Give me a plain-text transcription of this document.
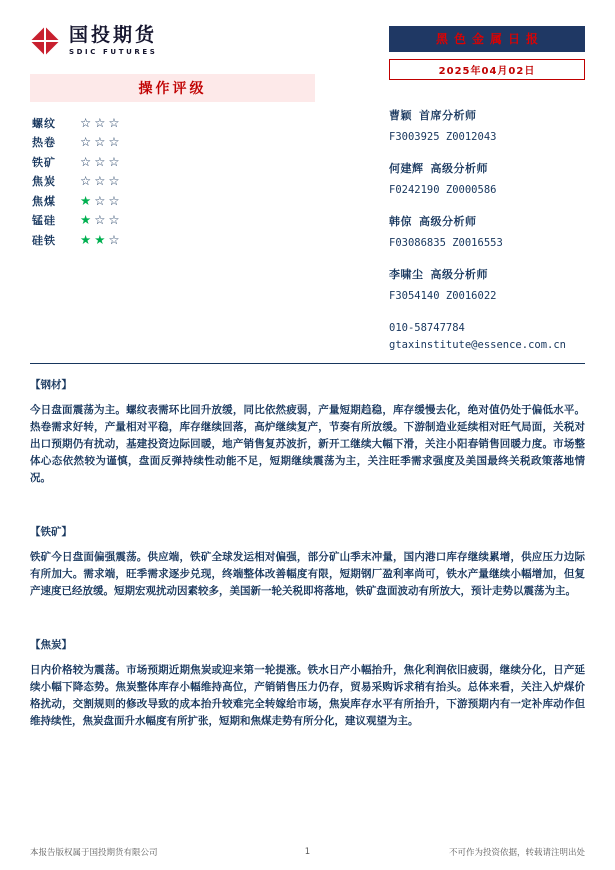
国投期货
SDIC FUTURES
操作评级
螺纹	☆☆☆
热卷	☆☆☆
铁矿	☆☆☆
焦炭	☆☆☆
焦煤	★☆☆
锰硅	★☆☆
硅铁	★★☆
黑色金属日报
2025年04月02日
曹颖 首席分析师
F3003925 Z0012043
何建辉 高级分析师
F0242190 Z0000586
韩倞 高级分析师
F03086835 Z0016553
李啸尘 高级分析师
F3054140 Z0016022
010-58747784
gtaxinstitute@essence.com.cn
【钢材】
今日盘面震荡为主。螺纹表需环比回升放缓，同比依然疲弱，产量短期趋稳，库存缓慢去化，绝对值仍处于偏低水平。热卷需求好转，产量相对平稳，库存继续回落，高炉继续复产，节奏有所放缓。下游制造业延续相对旺气局面，关税对出口预期仍有扰动，基建投资边际回暖，地产销售复苏波折，新开工继续大幅下滑，关注小阳春销售回暖力度。市场整体心态依然较为谨慎，盘面反弹持续性动能不足，短期继续震荡为主，关注旺季需求强度及美国最终关税政策落地情况。
【铁矿】
铁矿今日盘面偏强震荡。供应端，铁矿全球发运相对偏强，部分矿山季末冲量，国内港口库存继续累增，供应压力边际有所加大。需求端，旺季需求逐步兑现，终端整体改善幅度有限，短期钢厂盈利率尚可，铁水产量继续小幅增加，但复产速度已经放缓。短期宏观扰动因素较多，美国新一轮关税即将落地，铁矿盘面波动有所放大，预计走势以震荡为主。
【焦炭】
日内价格较为震荡。市场预期近期焦炭或迎来第一轮提涨。铁水日产小幅抬升，焦化利润依旧疲弱，继续分化，日产延续小幅下降态势。焦炭整体库存小幅维持高位，产销销售压力仍存，贸易采购诉求稍有抬头。总体来看，关注入炉煤价格扰动，交割规则的修改导致的成本抬升较难完全转嫁给市场，焦炭库存水平有所抬升，下游预期内有一定补库动作但维持续性，焦炭盘面升水幅度有所扩张，短期和焦煤走势有所分化，建议观望为主。
本报告版权属于国投期货有限公司	1	不可作为投资依据，转载请注明出处
